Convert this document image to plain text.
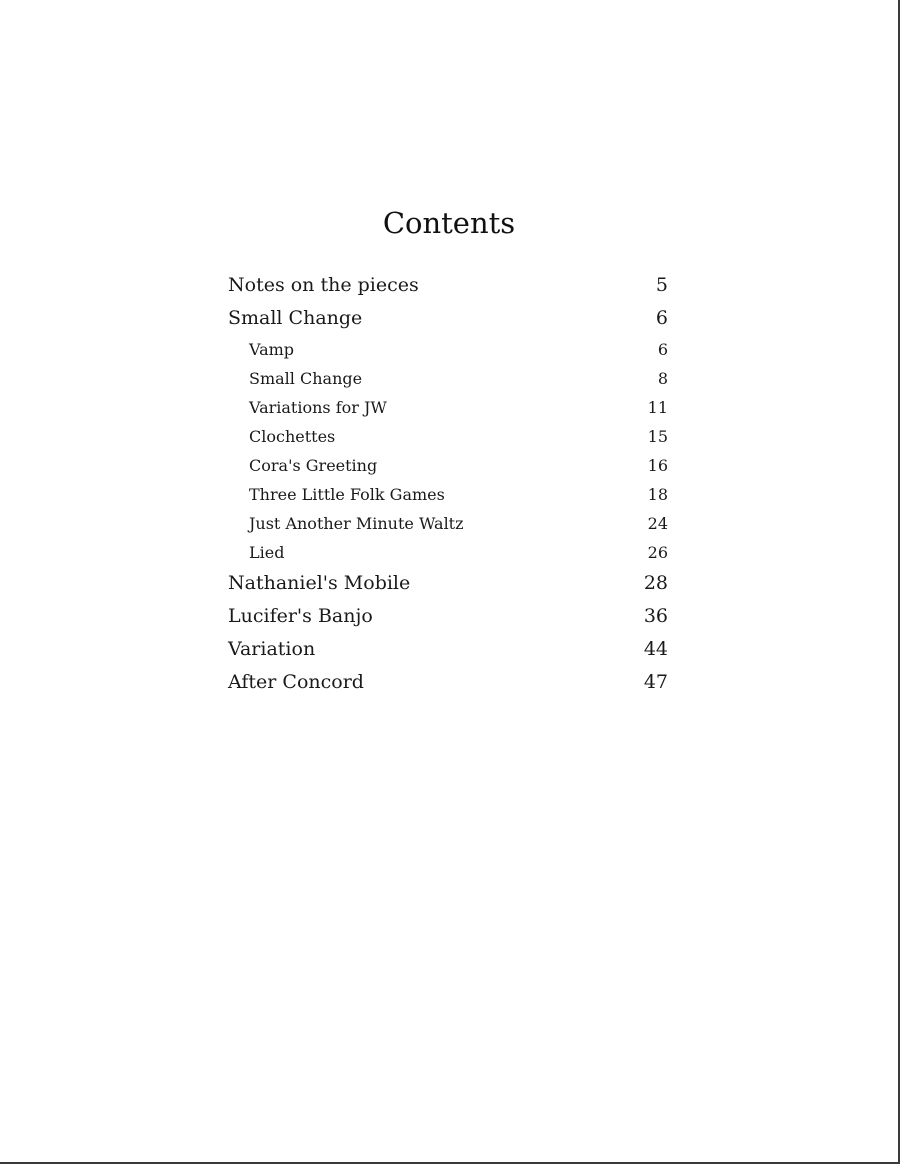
Contents
Notes on the pieces	5
Small Change	6
Vamp	6
Small Change	8
Variations for JW	11
Clochettes	15
Cora's Greeting	16
Three Little Folk Games	18
Just Another Minute Waltz	24
Lied	26
Nathaniel's Mobile	28
Lucifer's Banjo	36
Variation	44
After Concord	47
